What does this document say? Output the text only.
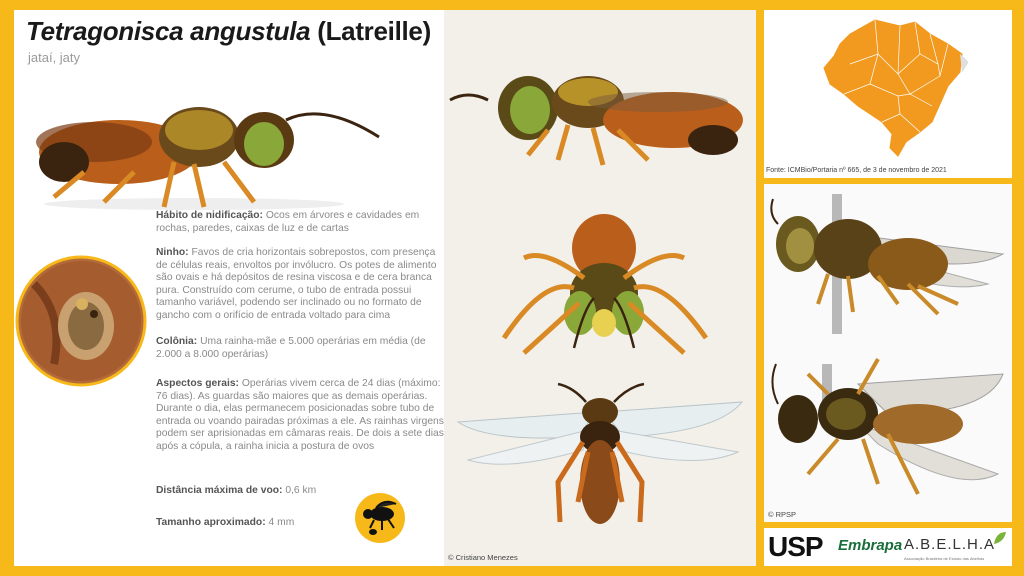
Tetragonisca angustula (Latreille)
jataí, jaty
Hábito de nidificação: Ocos em árvores e cavidades em rochas, paredes, caixas de luz e de cartas
Ninho: Favos de cria horizontais sobrepostos, com presença de células reais, envoltos por invólucro. Os potes de alimento são ovais e há depósitos de resina viscosa e de cera branca pura. Construído com cerume, o tubo de entrada possui tamanho variável, podendo ser inclinado ou no formato de gancho com o orifício de entrada voltado para cima
Colônia: Uma rainha-mãe e 5.000 operárias em média (de 2.000 a 8.000 operárias)
Aspectos gerais: Operárias vivem cerca de 24 dias (máximo: 76 dias). As guardas são maiores que as demais operárias. Durante o dia, elas permanecem posicionadas sobre tubo de entrada ou voando pairadas próximas a ele. As rainhas virgens podem ser aprisionadas em câmaras reais. De dois a sete dias após a cópula, a rainha inicia a postura de ovos
Distância máxima de voo: 0,6 km
Tamanho aproximado: 4 mm
© Cristiano Menezes
Fonte: ICMBio/Portaria nº 665, de 3 de novembro de 2021
© RPSP
USP Embrapa A.B.E.L.H.A
Associação Brasileira de Estudo das Abelhas
